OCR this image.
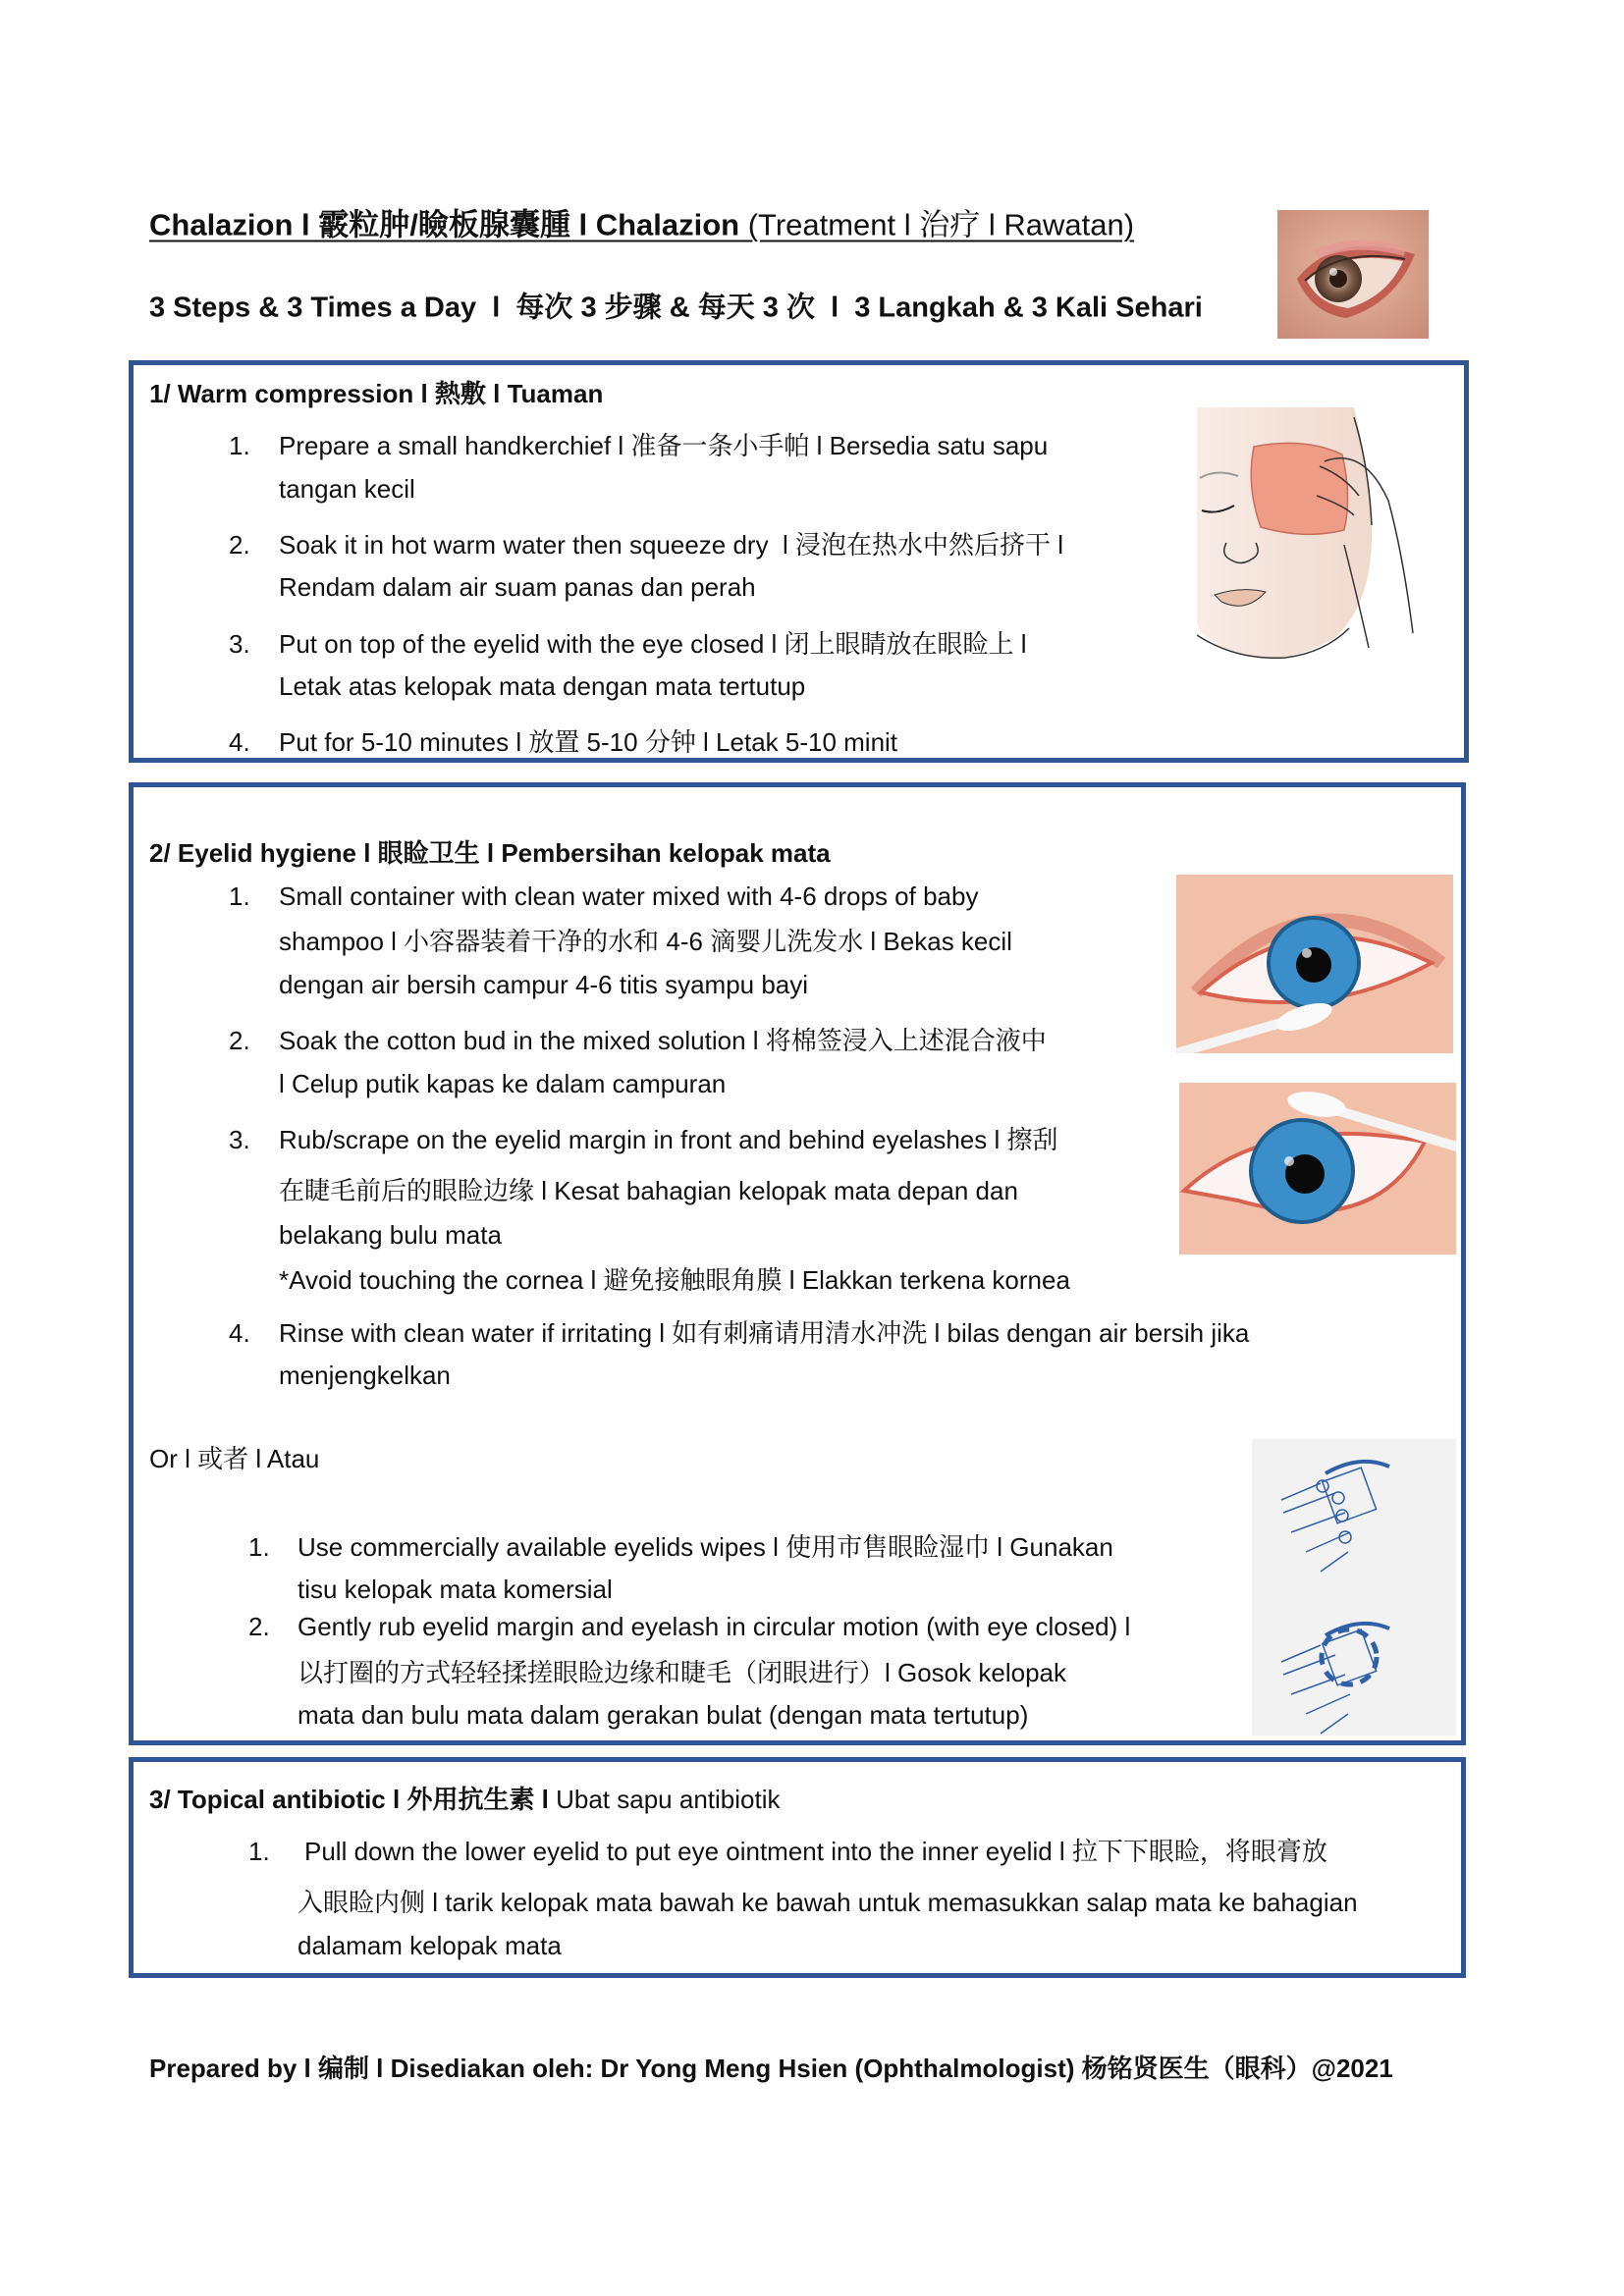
Chalazion l 霰粒肿/瞼板腺囊腫 l Chalazion (Treatment l 治疗 l Rawatan)
3 Steps & 3 Times a Day  l  每次 3 步骤 & 每天 3 次  l  3 Langkah & 3 Kali Sehari
1/ Warm compression l 熱敷 l Tuaman
1. Prepare a small handkerchief l 准备一条小手帕 l Bersedia satu sapu
tangan kecil
2. Soak it in hot warm water then squeeze dry  l 浸泡在热水中然后挤干 l
Rendam dalam air suam panas dan perah
3. Put on top of the eyelid with the eye closed l 闭上眼睛放在眼睑上 l
Letak atas kelopak mata dengan mata tertutup
4. Put for 5-10 minutes l 放置 5-10 分钟 l Letak 5-10 minit
2/ Eyelid hygiene l 眼睑卫生 l Pembersihan kelopak mata
1. Small container with clean water mixed with 4-6 drops of baby
shampoo l 小容器装着干净的水和 4-6 滴婴儿洗发水 l Bekas kecil
dengan air bersih campur 4-6 titis syampu bayi
2. Soak the cotton bud in the mixed solution l 将棉签浸入上述混合液中
l Celup putik kapas ke dalam campuran
3. Rub/scrape on the eyelid margin in front and behind eyelashes l 擦刮
在睫毛前后的眼睑边缘 l Kesat bahagian kelopak mata depan dan
belakang bulu mata
*Avoid touching the cornea l 避免接触眼角膜 l Elakkan terkena kornea
4. Rinse with clean water if irritating l 如有刺痛请用清水冲洗 l bilas dengan air bersih jika
menjengkelkan
Or l 或者 l Atau
1. Use commercially available eyelids wipes l 使用市售眼睑湿巾 l Gunakan
tisu kelopak mata komersial
2. Gently rub eyelid margin and eyelash in circular motion (with eye closed) l
以打圈的方式轻轻揉搓眼睑边缘和睫毛（闭眼进行）l Gosok kelopak
mata dan bulu mata dalam gerakan bulat (dengan mata tertutup)
3/ Topical antibiotic l 外用抗生素 l Ubat sapu antibiotik
1. Pull down the lower eyelid to put eye ointment into the inner eyelid l 拉下下眼睑，将眼膏放
入眼睑内侧 l tarik kelopak mata bawah ke bawah untuk memasukkan salap mata ke bahagian
dalamam kelopak mata
Prepared by l 编制 l Disediakan oleh: Dr Yong Meng Hsien (Ophthalmologist) 杨铭贤医生（眼科）@2021
